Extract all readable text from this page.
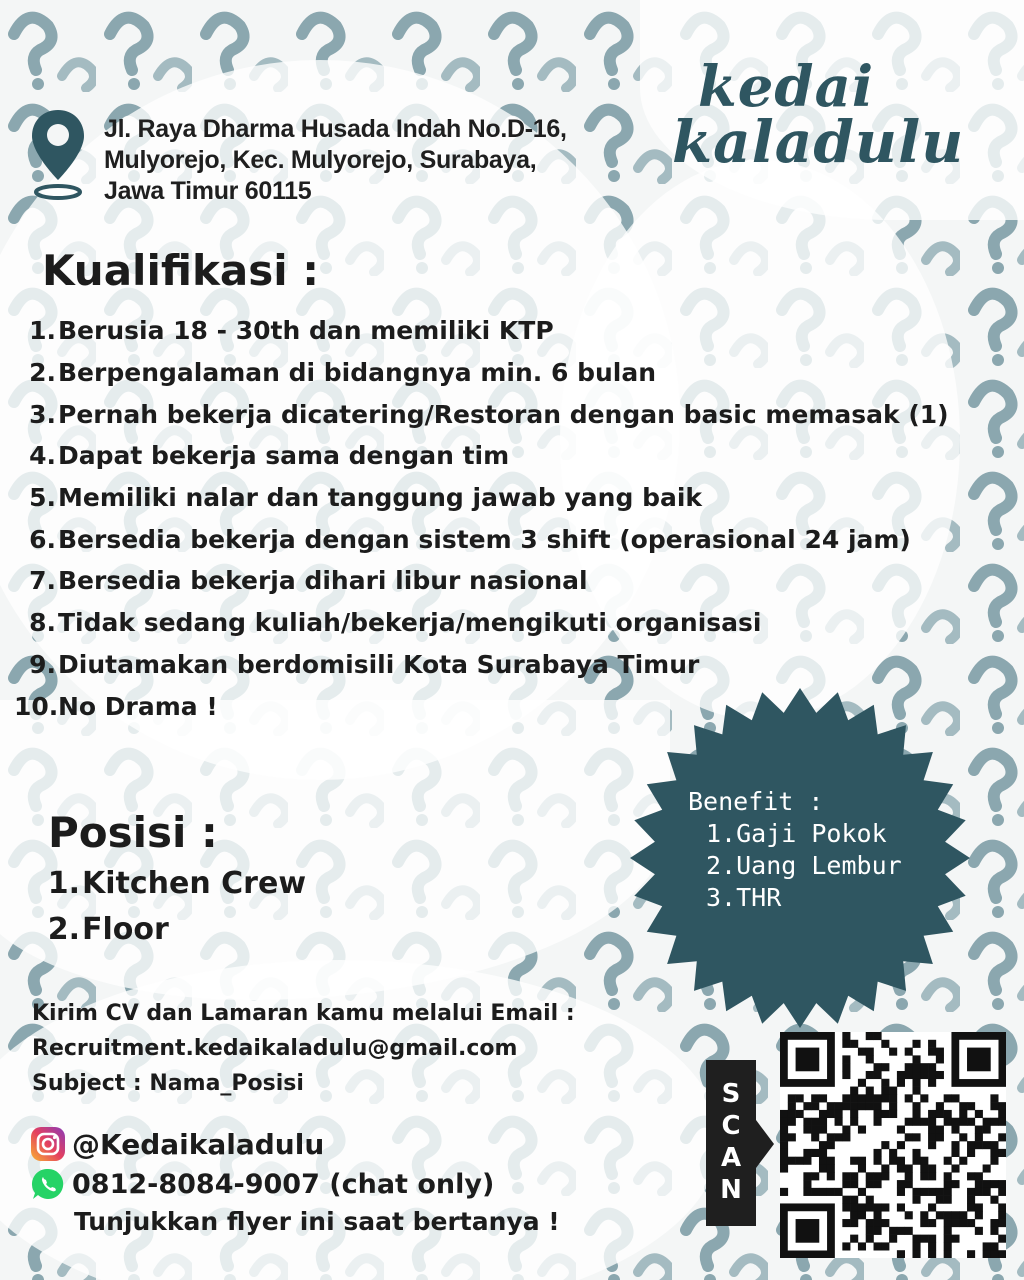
Jl. Raya Dharma Husada Indah No.D-16,
Mulyorejo, Kec. Mulyorejo, Surabaya,
Jawa Timur 60115
kedai
kaladulu
Kualifikasi :
1. Berusia 18 - 30th dan memiliki KTP
2. Berpengalaman di bidangnya min. 6 bulan
3. Pernah bekerja dicatering/Restoran dengan basic memasak (1)
4. Dapat bekerja sama dengan tim
5. Memiliki nalar dan tanggung jawab yang baik
6. Bersedia bekerja dengan sistem 3 shift (operasional 24 jam)
7. Bersedia bekerja dihari libur nasional
8. Tidak sedang kuliah/bekerja/mengikuti organisasi
9. Diutamakan berdomisili Kota Surabaya Timur
10. No Drama !
Posisi :
1. Kitchen Crew
2. Floor
Benefit :
1.Gaji Pokok
2.Uang Lembur
3.THR
Kirim CV dan Lamaran kamu melalui Email :
Recruitment.kedaikaladulu@gmail.com
Subject : Nama_Posisi
@Kedaikaladulu
0812-8084-9007 (chat only)
Tunjukkan flyer ini saat bertanya !
S
C
A
N
